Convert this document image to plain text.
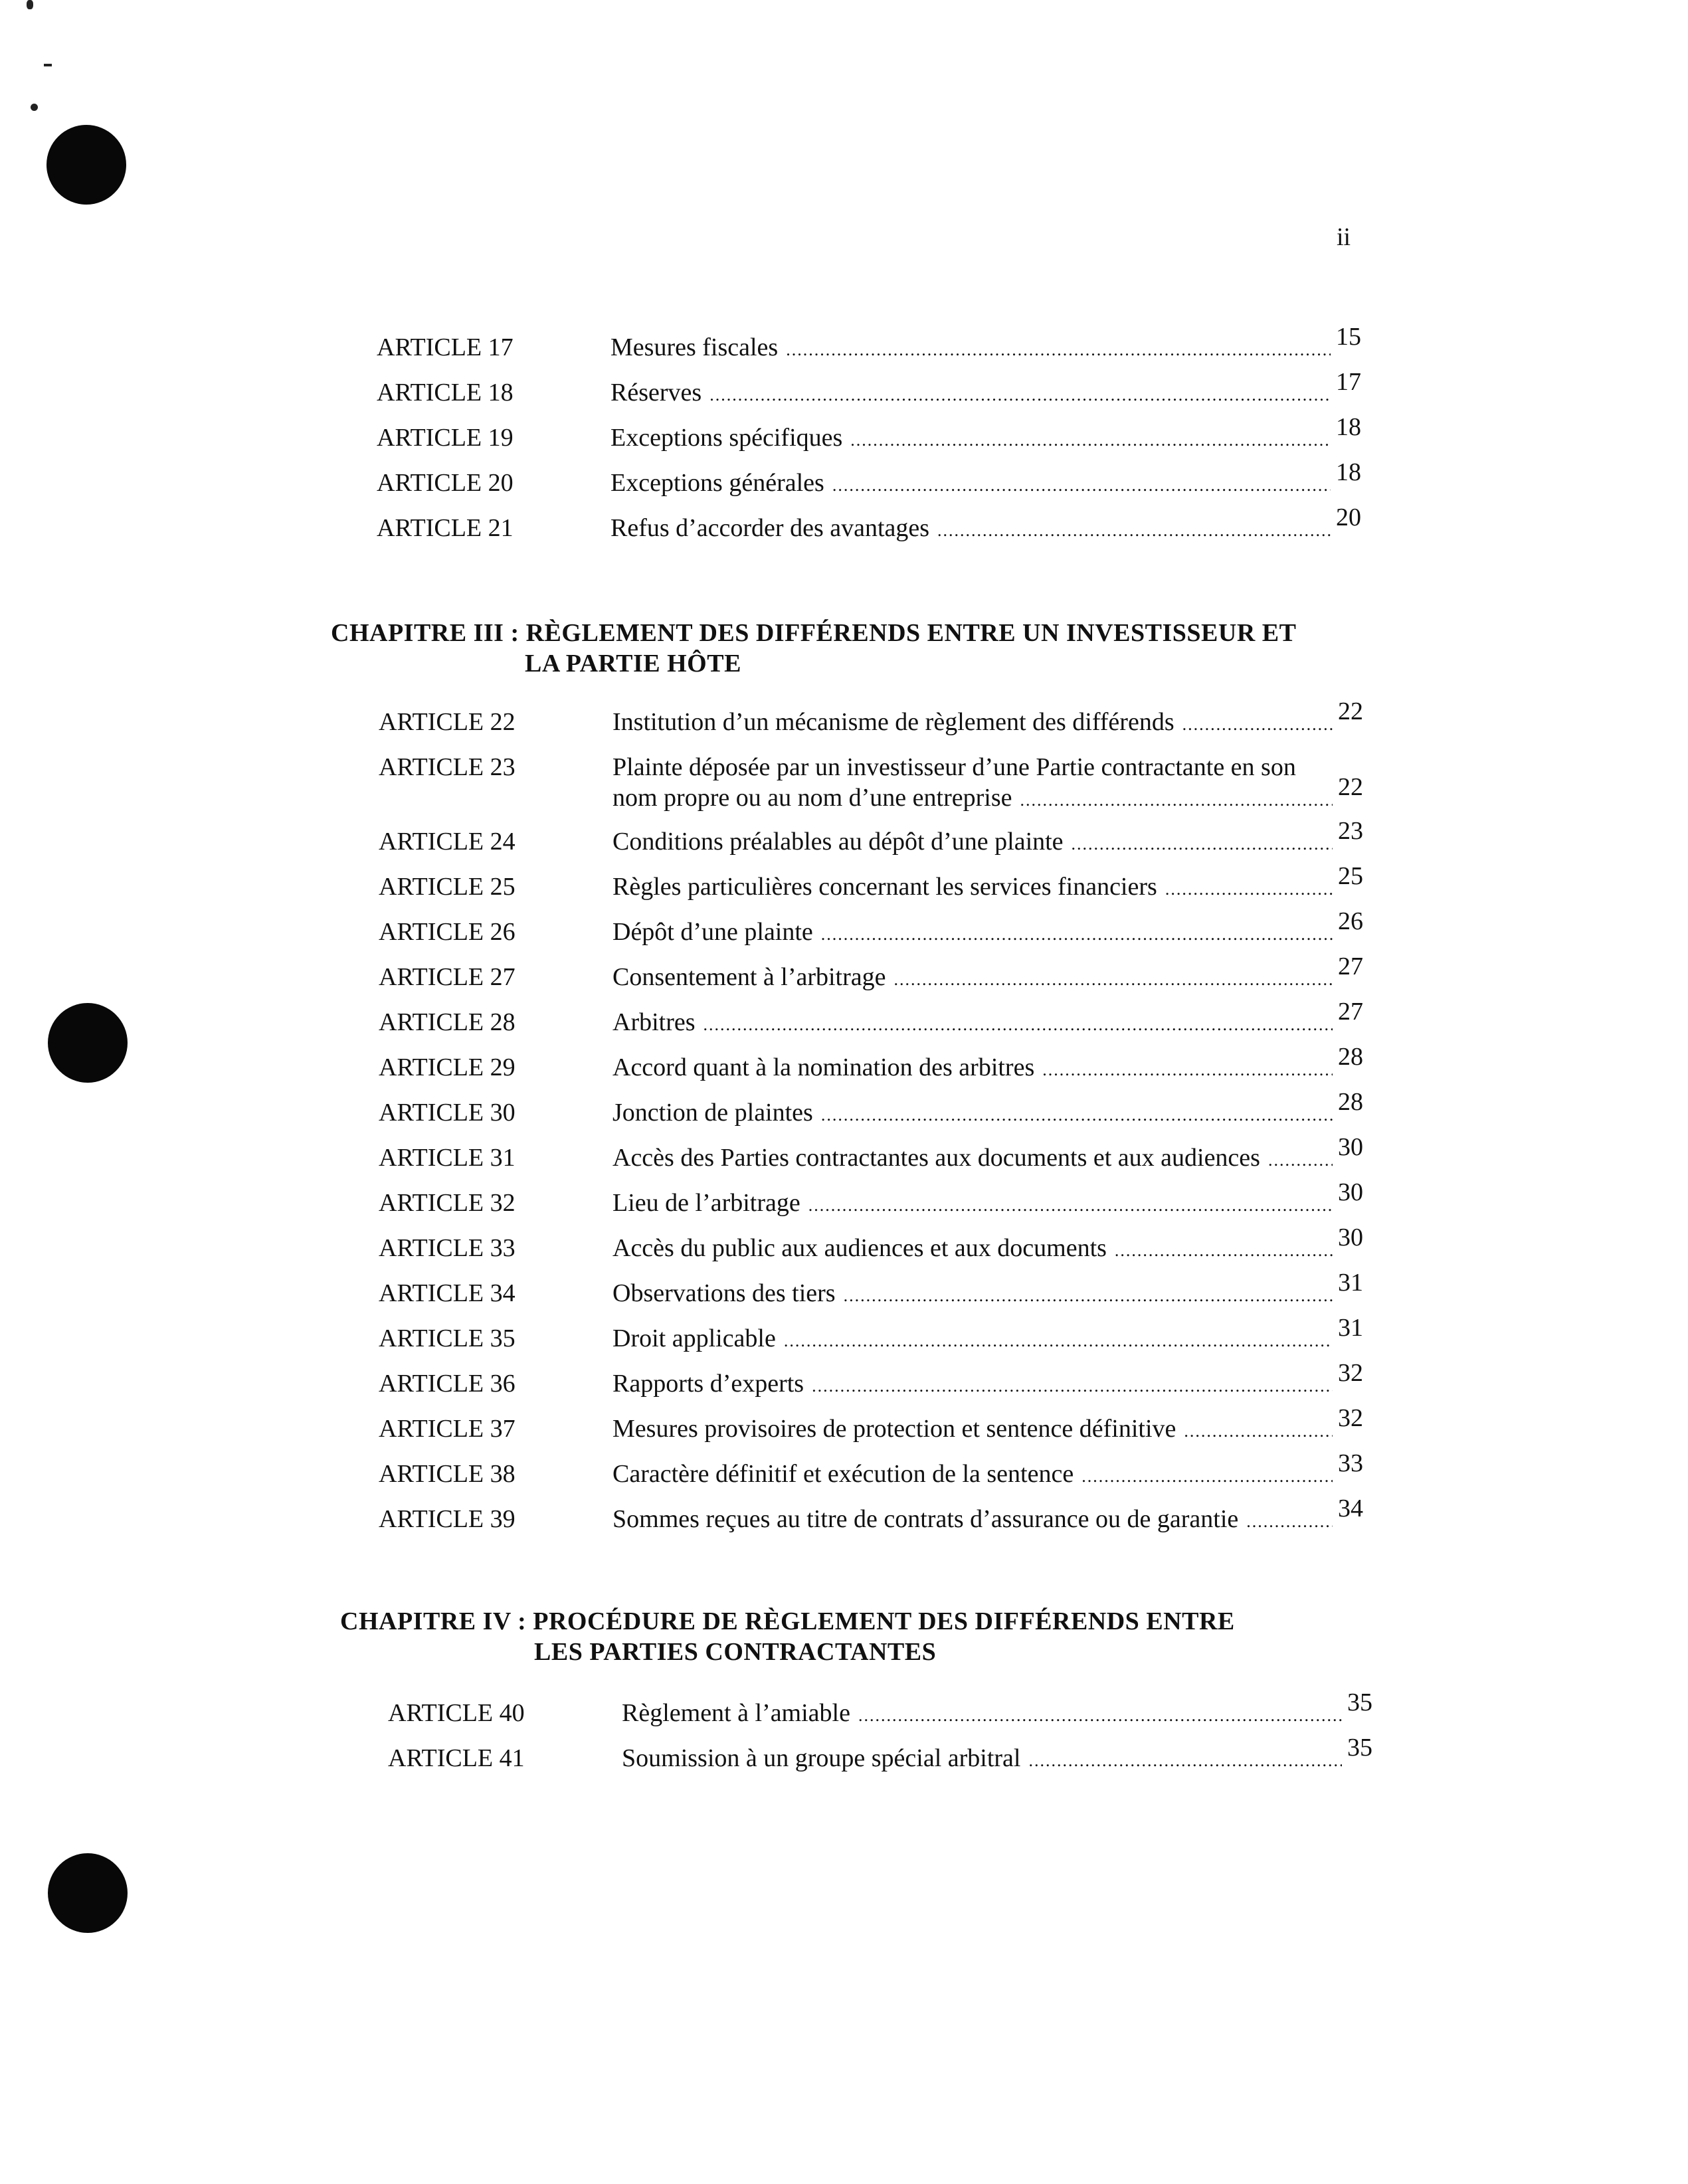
ii
ARTICLE 17	Mesures fiscales .....	15
ARTICLE 18	Réserves .....	17
ARTICLE 19	Exceptions spécifiques .....	18
ARTICLE 20	Exceptions générales .....	18
ARTICLE 21	Refus d’accorder des avantages .....	20
CHAPITRE III : RÈGLEMENT DES DIFFÉRENDS ENTRE UN INVESTISSEUR ET
LA PARTIE HÔTE
ARTICLE 22	Institution d’un mécanisme de règlement des différends .....	22
ARTICLE 23	Plainte déposée par un investisseur d’une Partie contractante en son
nom propre ou au nom d’une entreprise .....	22
ARTICLE 24	Conditions préalables au dépôt d’une plainte .....	23
ARTICLE 25	Règles particulières concernant les services financiers .....	25
ARTICLE 26	Dépôt d’une plainte .....	26
ARTICLE 27	Consentement à l’arbitrage .....	27
ARTICLE 28	Arbitres .....	27
ARTICLE 29	Accord quant à la nomination des arbitres .....	28
ARTICLE 30	Jonction de plaintes .....	28
ARTICLE 31	Accès des Parties contractantes aux documents et aux audiences .....	30
ARTICLE 32	Lieu de l’arbitrage .....	30
ARTICLE 33	Accès du public aux audiences et aux documents .....	30
ARTICLE 34	Observations des tiers .....	31
ARTICLE 35	Droit applicable .....	31
ARTICLE 36	Rapports d’experts .....	32
ARTICLE 37	Mesures provisoires de protection et sentence définitive .....	32
ARTICLE 38	Caractère définitif et exécution de la sentence .....	33
ARTICLE 39	Sommes reçues au titre de contrats d’assurance ou de garantie .....	34
CHAPITRE IV : PROCÉDURE DE RÈGLEMENT DES DIFFÉRENDS ENTRE
LES PARTIES CONTRACTANTES
ARTICLE 40	Règlement à l’amiable .....	35
ARTICLE 41	Soumission à un groupe spécial arbitral .....	35
